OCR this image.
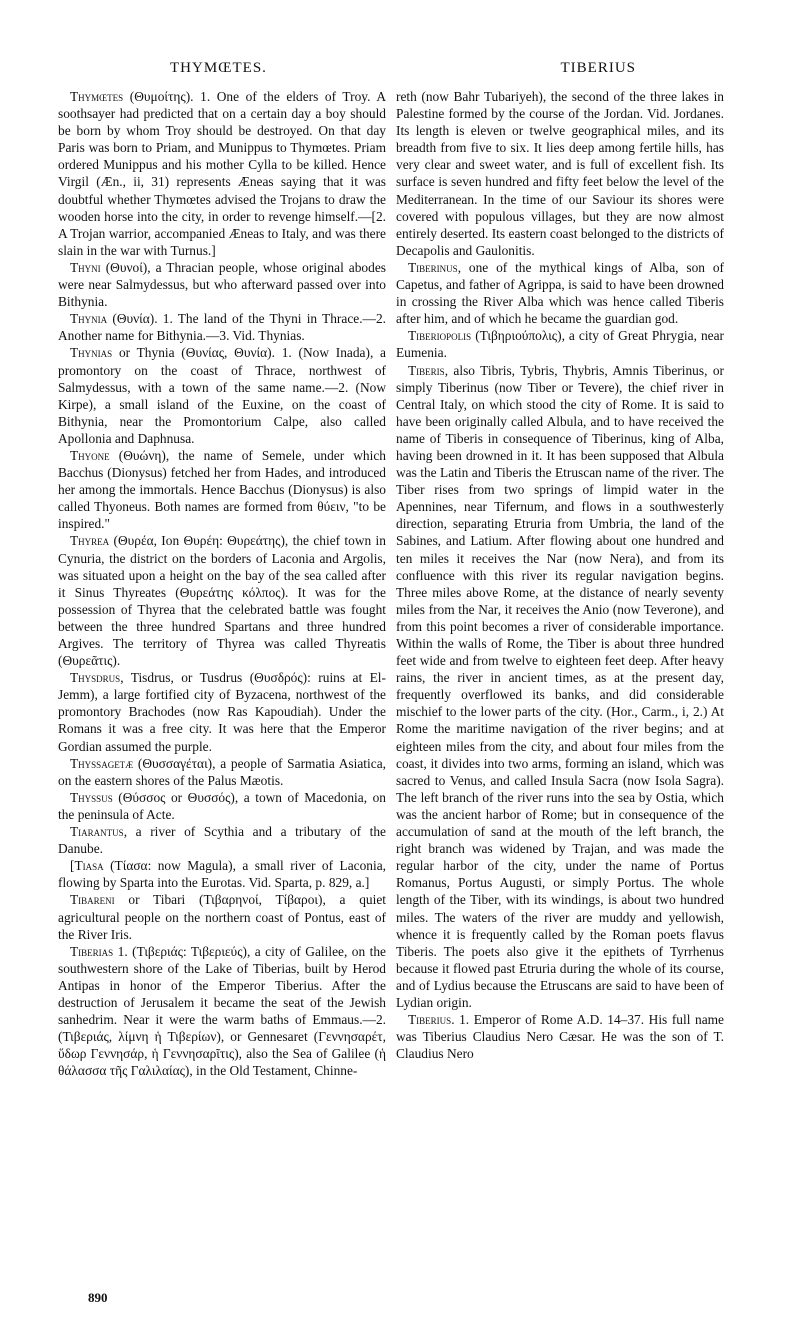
THYMŒTES.	TIBERIUS

Thymœtes (Θυμοίτης). 1. One of the elders of Troy. A soothsayer had predicted that on a certain day a boy should be born by whom Troy should be destroyed. On that day Paris was born to Priam, and Munippus to Thymœtes. Priam ordered Munippus and his mother Cylla to be killed. Hence Virgil (Æn., ii, 31) represents Æneas saying that it was doubtful whether Thymœtes advised the Trojans to draw the wooden horse into the city, in order to revenge himself.—[2. A Trojan warrior, accompanied Æneas to Italy, and was there slain in the war with Turnus.]

Thyni (Θυνοί), a Thracian people, whose original abodes were near Salmydessus, but who afterward passed over into Bithynia.

Thynia (Θυνία). 1. The land of the Thyni in Thrace.—2. Another name for Bithynia.—3. Vid. Thynias.

Thynias or Thynia (Θυνίας, Θυνία). 1. (Now Inada), a promontory on the coast of Thrace, northwest of Salmydessus, with a town of the same name.—2. (Now Kirpe), a small island of the Euxine, on the coast of Bithynia, near the Promontorium Calpe, also called Apollonia and Daphnusa.

Thyone (Θυώνη), the name of Semele, under which Bacchus (Dionysus) fetched her from Hades, and introduced her among the immortals. Hence Bacchus (Dionysus) is also called Thyoneus. Both names are formed from θύειν, "to be inspired."

Thyrea (Θυρέα, Ion Θυρέη: Θυρεάτης), the chief town in Cynuria, the district on the borders of Laconia and Argolis, was situated upon a height on the bay of the sea called after it Sinus Thyreates (Θυρεάτης κόλπος). It was for the possession of Thyrea that the celebrated battle was fought between the three hundred Spartans and three hundred Argives. The territory of Thyrea was called Thyreatis (Θυρεᾶτις).

Thysdrus, Tisdrus, or Tusdrus (Θυσδρός): ruins at El-Jemm), a large fortified city of Byzacena, northwest of the promontory Brachodes (now Ras Kapoudiah). Under the Romans it was a free city. It was here that the Emperor Gordian assumed the purple.

Thyssagetæ (Θυσσαγέται), a people of Sarmatia Asiatica, on the eastern shores of the Palus Mæotis.

Thyssus (Θύσσος or Θυσσός), a town of Macedonia, on the peninsula of Acte.

Tiarantus, a river of Scythia and a tributary of the Danube.

[Tiasa (Τίασα: now Magula), a small river of Laconia, flowing by Sparta into the Eurotas. Vid. Sparta, p. 829, a.]

Tibareni or Tibari (Τιβαρηνοί, Τίβαροι), a quiet agricultural people on the northern coast of Pontus, east of the River Iris.

Tiberias 1. (Τιβεριάς: Τιβεριεύς), a city of Galilee, on the southwestern shore of the Lake of Tiberias, built by Herod Antipas in honor of the Emperor Tiberius. After the destruction of Jerusalem it became the seat of the Jewish sanhedrim. Near it were the warm baths of Emmaus.—2. (Τιβεριάς, λίμνη ἡ Τιβερίων), or Gennesaret (Γεννησαρέτ, ὕδωρ Γεννησάρ, ἡ Γεννησαρῖτις), also the Sea of Galilee (ἡ θάλασσα τῆς Γαλιλαίας), in the Old Testament, Chinne-

reth (now Bahr Tubariyeh), the second of the three lakes in Palestine formed by the course of the Jordan. Vid. Jordanes. Its length is eleven or twelve geographical miles, and its breadth from five to six. It lies deep among fertile hills, has very clear and sweet water, and is full of excellent fish. Its surface is seven hundred and fifty feet below the level of the Mediterranean. In the time of our Saviour its shores were covered with populous villages, but they are now almost entirely deserted. Its eastern coast belonged to the districts of Decapolis and Gaulonitis.

Tiberinus, one of the mythical kings of Alba, son of Capetus, and father of Agrippa, is said to have been drowned in crossing the River Alba which was hence called Tiberis after him, and of which he became the guardian god.

Tiberiopolis (Τιβηριούπολις), a city of Great Phrygia, near Eumenia.

Tiberis, also Tibris, Tybris, Thybris, Amnis Tiberinus, or simply Tiberinus (now Tiber or Tevere), the chief river in Central Italy, on which stood the city of Rome. It is said to have been originally called Albula, and to have received the name of Tiberis in consequence of Tiberinus, king of Alba, having been drowned in it. It has been supposed that Albula was the Latin and Tiberis the Etruscan name of the river. The Tiber rises from two springs of limpid water in the Apennines, near Tifernum, and flows in a southwesterly direction, separating Etruria from Umbria, the land of the Sabines, and Latium. After flowing about one hundred and ten miles it receives the Nar (now Nera), and from its confluence with this river its regular navigation begins. Three miles above Rome, at the distance of nearly seventy miles from the Nar, it receives the Anio (now Teverone), and from this point becomes a river of considerable importance. Within the walls of Rome, the Tiber is about three hundred feet wide and from twelve to eighteen feet deep. After heavy rains, the river in ancient times, as at the present day, frequently overflowed its banks, and did considerable mischief to the lower parts of the city. (Hor., Carm., i, 2.) At Rome the maritime navigation of the river begins; and at eighteen miles from the city, and about four miles from the coast, it divides into two arms, forming an island, which was sacred to Venus, and called Insula Sacra (now Isola Sagra). The left branch of the river runs into the sea by Ostia, which was the ancient harbor of Rome; but in consequence of the accumulation of sand at the mouth of the left branch, the right branch was widened by Trajan, and was made the regular harbor of the city, under the name of Portus Romanus, Portus Augusti, or simply Portus. The whole length of the Tiber, with its windings, is about two hundred miles. The waters of the river are muddy and yellowish, whence it is frequently called by the Roman poets flavus Tiberis. The poets also give it the epithets of Tyrrhenus because it flowed past Etruria during the whole of its course, and of Lydius because the Etruscans are said to have been of Lydian origin.

Tiberius. 1. Emperor of Rome A.D. 14–37. His full name was Tiberius Claudius Nero Cæsar. He was the son of T. Claudius Nero

890
